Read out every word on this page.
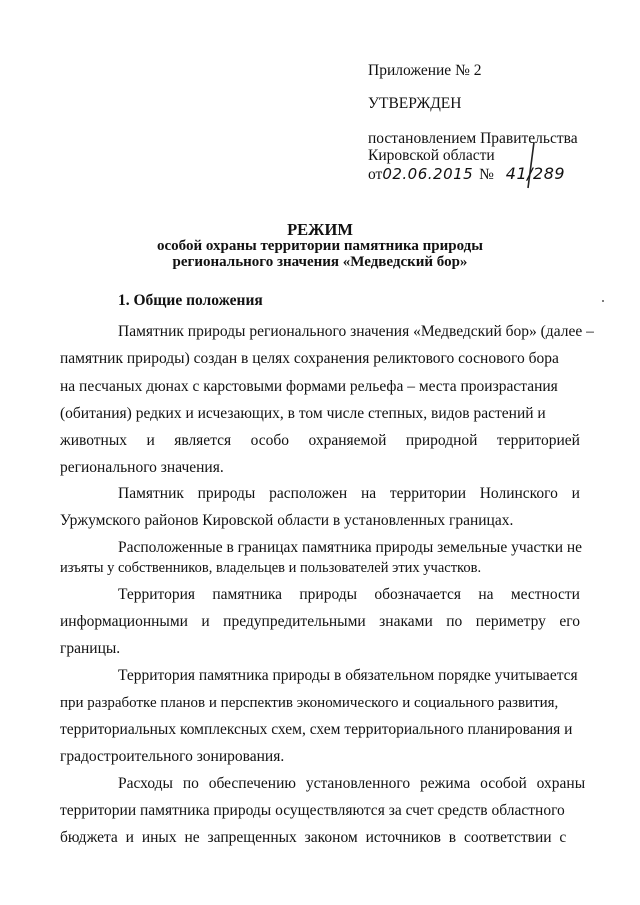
Приложение № 2
УТВЕРЖДЕН
постановлением Правительства
Кировской области
от02.06.2015 № 41/289
РЕЖИМ
особой охраны территории памятника природы
регионального значения «Медведский бор»
1. Общие положения
Памятник природы регионального значения «Медведский бор» (далее –
памятник природы) создан в целях сохранения реликтового соснового бора
на песчаных дюнах с карстовыми формами рельефа – места произрастания
(обитания) редких и исчезающих, в том числе степных, видов растений и
животных и является особо охраняемой природной территорией
регионального значения.
Памятник природы расположен на территории Нолинского и
Уржумского районов Кировской области в установленных границах.
Расположенные в границах памятника природы земельные участки не
изъяты у собственников, владельцев и пользователей этих участков.
Территория памятника природы обозначается на местности
информационными и предупредительными знаками по периметру его
границы.
Территория памятника природы в обязательном порядке учитывается
при разработке планов и перспектив экономического и социального развития,
территориальных комплексных схем, схем территориального планирования и
градостроительного зонирования.
Расходы по обеспечению установленного режима особой охраны
территории памятника природы осуществляются за счет средств областного
бюджета и иных не запрещенных законом источников в соответствии с
